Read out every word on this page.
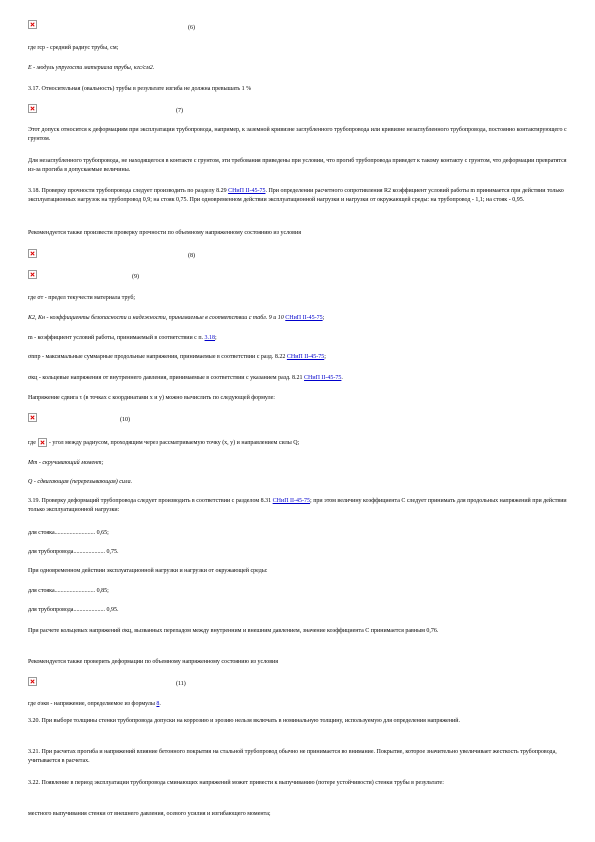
(6)
где rср - средний радиус трубы, см;
E - модуль упругости материала трубы, кгс/см2.
3.17. Относительная (овальность) трубы в результате изгиба не должна превышать 1 %
(7)
Этот допуск относится к деформациям при эксплуатации трубопровода, например, к заземной кривизне заглубленного трубопровода или кривизне незаглубленного трубопровода, постоянно контактирующего с грунтом.
Для незаглубленного трубопровода, не находящегося в контакте с грунтом, эти требования приведены при условии, что прогиб трубопровода приведет к такому контакту с грунтом, что деформации превратятся из-за прогиба в допускаемые величины.
3.18. Проверку прочности трубопровода следует производить по разделу 8.29 СНиП II-45-75. При определении расчетного сопротивления R2 коэффициент условий работы m принимается при действии только эксплуатационных нагрузок на трубопровод 0,9; на стояк 0,75. При одновременном действии эксплуатационной нагрузки и нагрузки от окружающей среды: на трубопровод - 1,1; на стояк - 0,95.
Рекомендуется также произвести проверку прочности по объемному напряженному состоянию из условия
(8)
(9)
где σт - предел текучести материала труб;
K2, Kн - коэффициенты безопасности и надежности, принимаемые в соответствии с табл. 9 и 10 СНиП II-45-75;
m - коэффициент условий работы, принимаемый в соответствии с п. 3.18;
σnпр - максимальные суммарные продольные напряжения, принимаемые в соответствии с разд. 8.22 СНиП II-45-75;
σкц - кольцевые напряжения от внутреннего давления, принимаемые в соответствии с указанием разд. 8.21 СНиП II-45-75.
Напряжение сдвига τ (в точках с координатами x и y) можно вычислить по следующей формуле:
(10)
где - угол между радиусом, проходящим через рассматриваемую точку (x, y) и направлением силы Q;
Mт - скручивающий момент;
Q - сдвигающая (перерезывающая) сила.
3.19. Проверку деформаций трубопровода следует производить в соответствии с разделом 8.31 СНиП II-45-75; при этом величину коэффициента C следует принимать для продольных напряжений при действии только эксплуатационной нагрузки:
для стояка........................... 0,65;
для трубопровода..................... 0,75.
При одновременном действии эксплуатационной нагрузки и нагрузки от окружающей среды:
для стояка........................... 0,85;
для трубопровода..................... 0,95.
При расчете кольцевых напряжений σкц, вызванных перепадом между внутренним и внешним давлением, значение коэффициента C принимается равным 0,76.
Рекомендуется также проверить деформации по объемному напряженному состоянию из условия
(11)
где σэкв - напряжение, определяемое из формулы 8.
3.20. При выборе толщины стенки трубопровода допуски на коррозию и эрозию нельзя включать в номинальную толщину, используемую для определения напряжений.
3.21. При расчетах прогиба и напряжений влияние бетонного покрытия на стальной трубопровод обычно не принимается во внимание. Покрытие, которое значительно увеличивает жесткость трубопровода, учитывается в расчетах.
3.22. Появление в период эксплуатации трубопровода сминающих напряжений может привести к выпучиванию (потере устойчивости) стенки трубы в результате:
местного выпучивания стенки от внешнего давления, осевого усилия и изгибающего момента;
